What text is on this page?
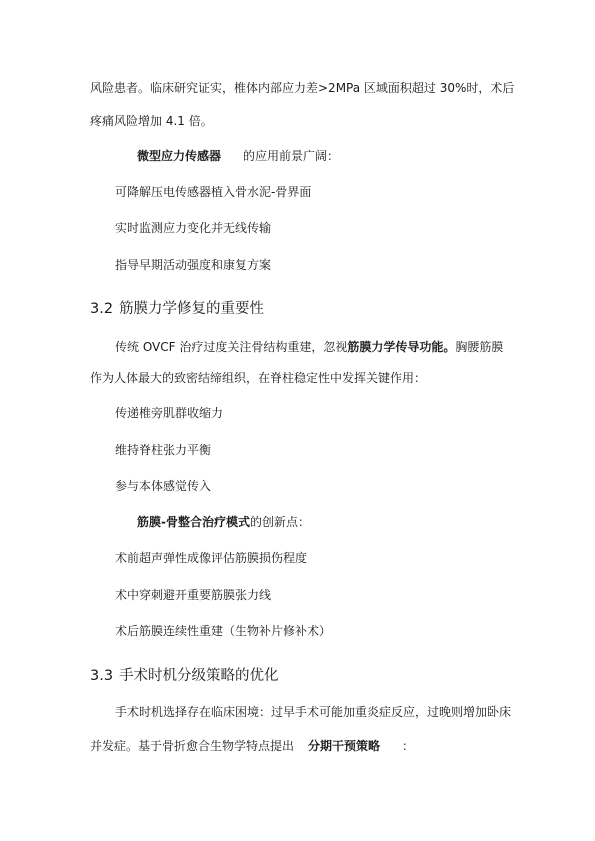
风险患者。临床研究证实，椎体内部应力差>2MPa 区域面积超过 30%时，术后
疼痛风险增加 4.1 倍。
微型应力传感器 的应用前景广阔：
可降解压电传感器植入骨水泥-骨界面
实时监测应力变化并无线传输
指导早期活动强度和康复方案
3.2 筋膜力学修复的重要性
传统 OVCF 治疗过度关注骨结构重建，忽视筋膜力学传导功能。胸腰筋膜
作为人体最大的致密结缔组织，在脊柱稳定性中发挥关键作用：
传递椎旁肌群收缩力
维持脊柱张力平衡
参与本体感觉传入
筋膜-骨整合治疗模式的创新点：
术前超声弹性成像评估筋膜损伤程度
术中穿刺避开重要筋膜张力线
术后筋膜连续性重建（生物补片修补术）
3.3 手术时机分级策略的优化
手术时机选择存在临床困境：过早手术可能加重炎症反应，过晚则增加卧床
并发症。基于骨折愈合生物学特点提出 分期干预策略 ：
